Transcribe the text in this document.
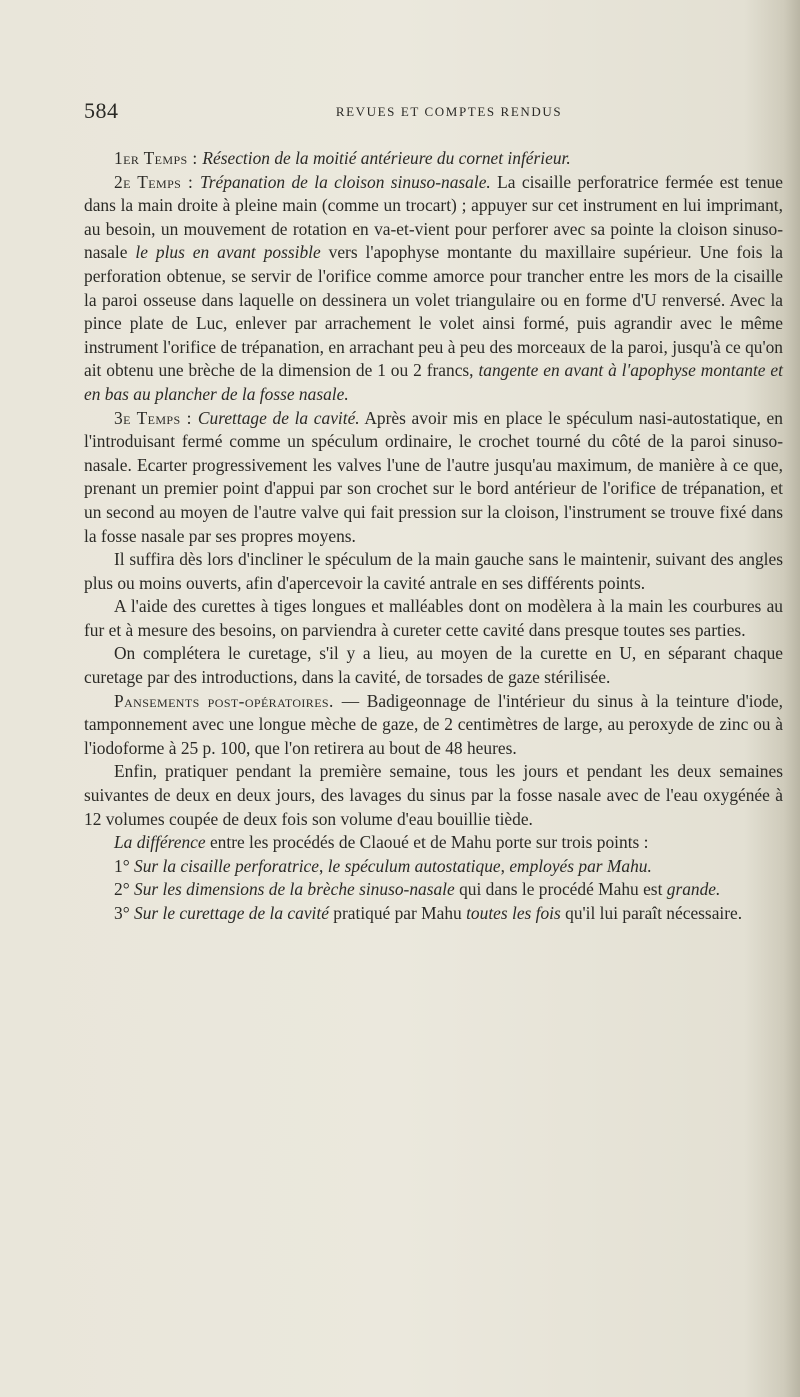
584	REVUES ET COMPTES RENDUS

1er Temps : Résection de la moitié antérieure du cornet inférieur.

2e Temps : Trépanation de la cloison sinuso-nasale. La cisaille perforatrice fermée est tenue dans la main droite à pleine main (comme un trocart) ; appuyer sur cet instrument en lui imprimant, au besoin, un mouvement de rotation en va-et-vient pour perforer avec sa pointe la cloison sinuso-nasale le plus en avant possible vers l'apophyse montante du maxillaire supérieur. Une fois la perforation obtenue, se servir de l'orifice comme amorce pour trancher entre les mors de la cisaille la paroi osseuse dans laquelle on dessinera un volet triangulaire ou en forme d'U renversé. Avec la pince plate de Luc, enlever par arrachement le volet ainsi formé, puis agrandir avec le même instrument l'orifice de trépanation, en arrachant peu à peu des morceaux de la paroi, jusqu'à ce qu'on ait obtenu une brèche de la dimension de 1 ou 2 francs, tangente en avant à l'apophyse montante et en bas au plancher de la fosse nasale.

3e Temps : Curettage de la cavité. Après avoir mis en place le spéculum nasi-autostatique, en l'introduisant fermé comme un spéculum ordinaire, le crochet tourné du côté de la paroi sinuso-nasale. Ecarter progressivement les valves l'une de l'autre jusqu'au maximum, de manière à ce que, prenant un premier point d'appui par son crochet sur le bord antérieur de l'orifice de trépanation, et un second au moyen de l'autre valve qui fait pression sur la cloison, l'instrument se trouve fixé dans la fosse nasale par ses propres moyens.

Il suffira dès lors d'incliner le spéculum de la main gauche sans le maintenir, suivant des angles plus ou moins ouverts, afin d'apercevoir la cavité antrale en ses différents points.

A l'aide des curettes à tiges longues et malléables dont on modèlera à la main les courbures au fur et à mesure des besoins, on parviendra à cureter cette cavité dans presque toutes ses parties.

On complétera le curetage, s'il y a lieu, au moyen de la curette en U, en séparant chaque curetage par des introductions, dans la cavité, de torsades de gaze stérilisée.

Pansements post-opératoires. — Badigeonnage de l'intérieur du sinus à la teinture d'iode, tamponnement avec une longue mèche de gaze, de 2 centimètres de large, au peroxyde de zinc ou à l'iodoforme à 25 p. 100, que l'on retirera au bout de 48 heures.

Enfin, pratiquer pendant la première semaine, tous les jours et pendant les deux semaines suivantes de deux en deux jours, des lavages du sinus par la fosse nasale avec de l'eau oxygénée à 12 volumes coupée de deux fois son volume d'eau bouillie tiède.

La différence entre les procédés de Claoué et de Mahu porte sur trois points :

1° Sur la cisaille perforatrice, le spéculum autostatique, employés par Mahu.

2° Sur les dimensions de la brèche sinuso-nasale qui dans le procédé Mahu est grande.

3° Sur le curettage de la cavité pratiqué par Mahu toutes les fois qu'il lui paraît nécessaire.
